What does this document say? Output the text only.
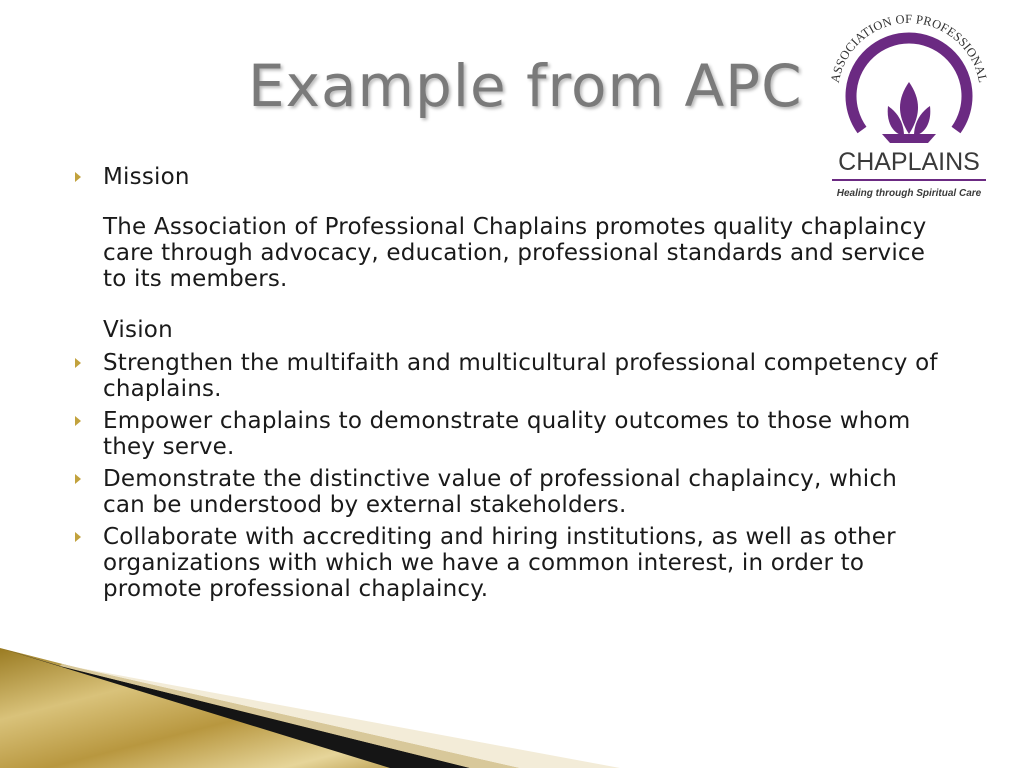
Example from APC ASSOCIATION OF PROFESSIONAL
CHAPLAINS
Healing through Spiritual Care
Mission
The Association of Professional Chaplains promotes quality chaplaincy care through advocacy, education, professional standards and service to its members.
Vision
Strengthen the multifaith and multicultural professional competency of chaplains.
Empower chaplains to demonstrate quality outcomes to those whom they serve.
Demonstrate the distinctive value of professional chaplaincy, which can be understood by external stakeholders.
Collaborate with accrediting and hiring institutions, as well as other organizations with which we have a common interest, in order to promote professional chaplaincy.
